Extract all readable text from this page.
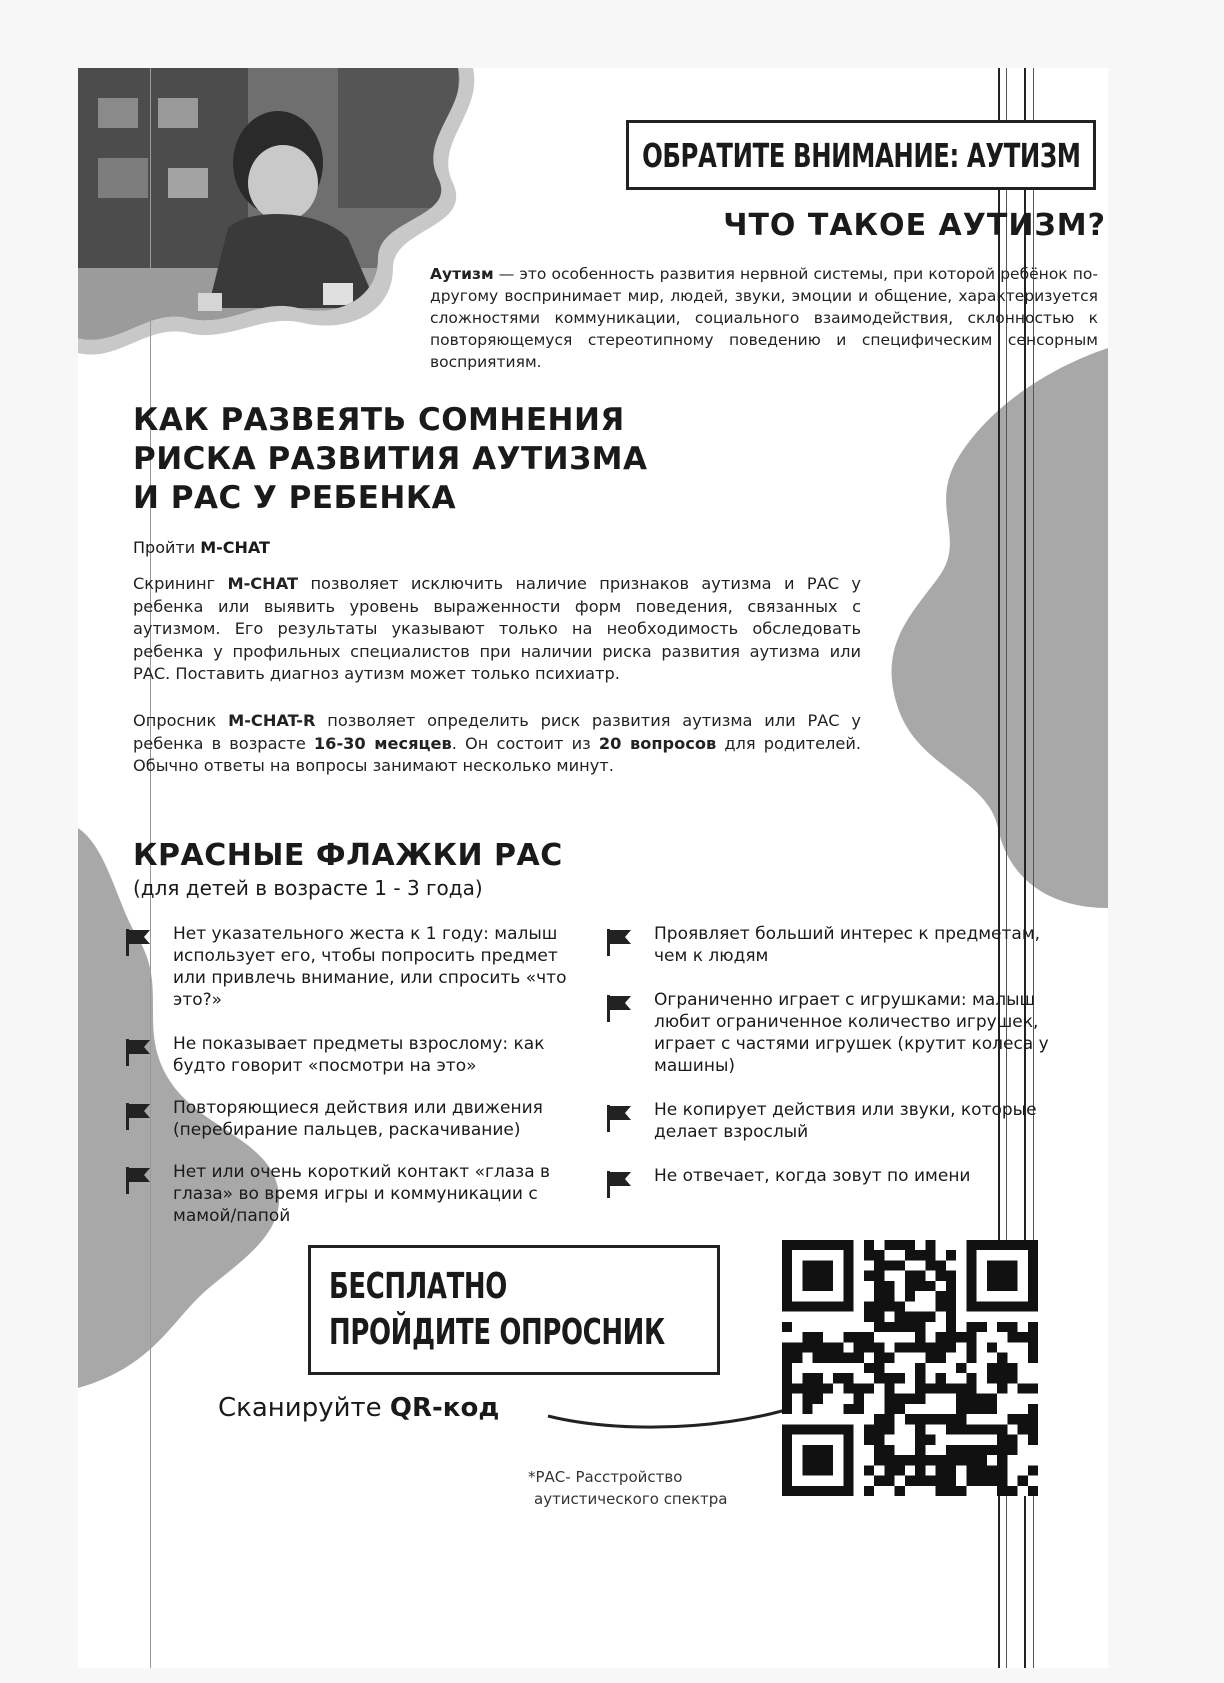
ОБРАТИТЕ ВНИМАНИЕ: АУТИЗМ
ЧТО ТАКОЕ АУТИЗМ?
Аутизм — это особенность развития нервной системы, при которой ребёнок по-другому воспринимает мир, людей, звуки, эмоции и общение, характеризуется сложностями коммуникации, социального взаимодействия, склонностью к повторяющемуся стереотипному поведению и специфическим сенсорным восприятиям.
КАК РАЗВЕЯТЬ СОМНЕНИЯ
РИСКА РАЗВИТИЯ АУТИЗМА
И РАС У РЕБЕНКА
Пройти M-CHAT
Скрининг M-CHAT позволяет исключить наличие признаков аутизма и РАС у ребенка или выявить уровень выраженности форм поведения, связанных с аутизмом. Его результаты указывают только на необходимость обследовать ребенка у профильных специалистов при наличии риска развития аутизма или РАС. Поставить диагноз аутизм может только психиатр.
Опросник M-CHAT-R позволяет определить риск развития аутизма или РАС у ребенка в возрасте 16-30 месяцев. Он состоит из 20 вопросов для родителей. Обычно ответы на вопросы занимают несколько минут.
КРАСНЫЕ ФЛАЖКИ РАС
(для детей в возрасте 1 - 3 года)
Нет указательного жеста к 1 году: малыш использует его, чтобы попросить предмет или привлечь внимание, или спросить «что это?»
Не показывает предметы взрослому: как будто говорит «посмотри на это»
Повторяющиеся действия или движения (перебирание пальцев, раскачивание)
Нет или очень короткий контакт «глаза в глаза» во время игры и коммуникации с мамой/папой
Проявляет больший интерес к предметам, чем к людям
Ограниченно играет с игрушками: малыш любит ограниченное количество игрушек, играет с частями игрушек (крутит колеса у машины)
Не копирует действия или звуки, которые делает взрослый
Не отвечает, когда зовут по имени
БЕСПЛАТНО
ПРОЙДИТЕ ОПРОСНИК
Сканируйте QR-код
*РАС- Расстройство
аутистического спектра
